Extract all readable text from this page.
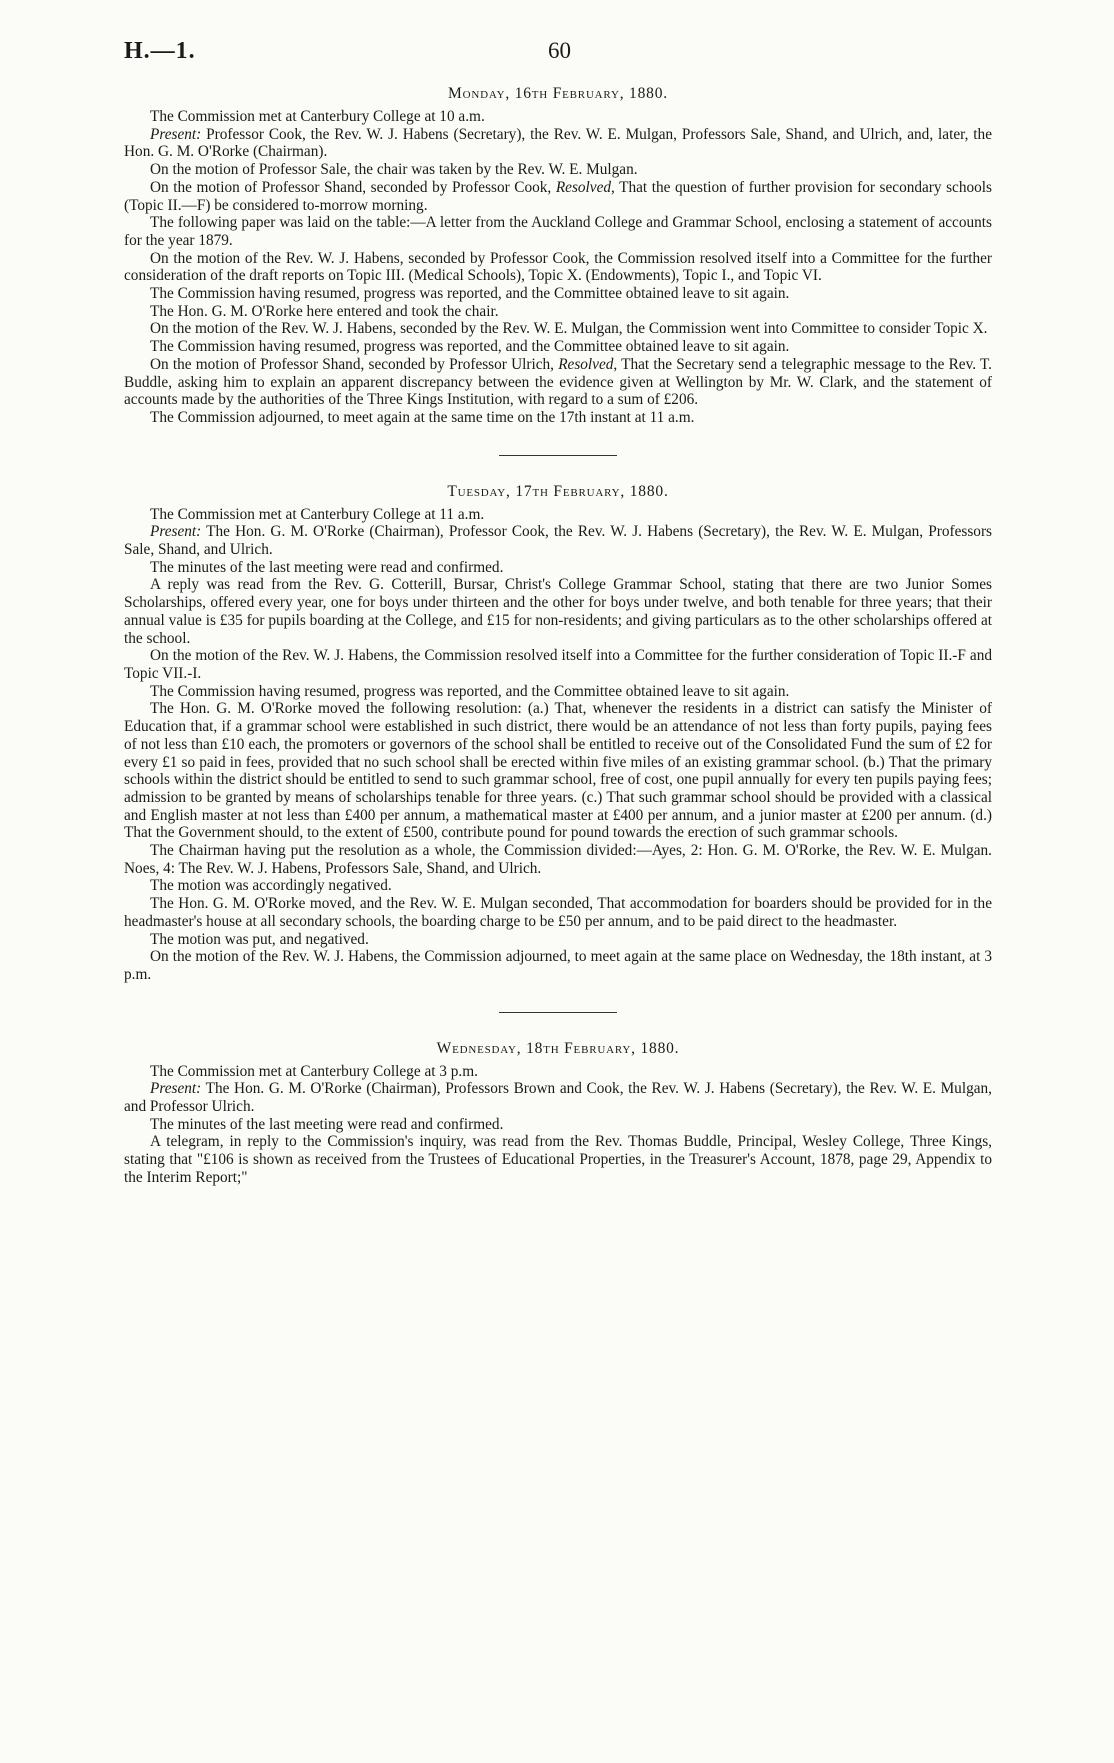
H.—1.	60
Monday, 16th February, 1880.

The Commission met at Canterbury College at 10 a.m.

Present: Professor Cook, the Rev. W. J. Habens (Secretary), the Rev. W. E. Mulgan, Professors Sale, Shand, and Ulrich, and, later, the Hon. G. M. O'Rorke (Chairman).

On the motion of Professor Sale, the chair was taken by the Rev. W. E. Mulgan.

On the motion of Professor Shand, seconded by Professor Cook, Resolved, That the question of further provision for secondary schools (Topic II.—F) be considered to-morrow morning.

The following paper was laid on the table:—A letter from the Auckland College and Grammar School, enclosing a statement of accounts for the year 1879.

On the motion of the Rev. W. J. Habens, seconded by Professor Cook, the Commission resolved itself into a Committee for the further consideration of the draft reports on Topic III. (Medical Schools), Topic X. (Endowments), Topic I., and Topic VI.

The Commission having resumed, progress was reported, and the Committee obtained leave to sit again.

The Hon. G. M. O'Rorke here entered and took the chair.

On the motion of the Rev. W. J. Habens, seconded by the Rev. W. E. Mulgan, the Commission went into Committee to consider Topic X.

The Commission having resumed, progress was reported, and the Committee obtained leave to sit again.

On the motion of Professor Shand, seconded by Professor Ulrich, Resolved, That the Secretary send a telegraphic message to the Rev. T. Buddle, asking him to explain an apparent discrepancy between the evidence given at Wellington by Mr. W. Clark, and the statement of accounts made by the authorities of the Three Kings Institution, with regard to a sum of £206.

The Commission adjourned, to meet again at the same time on the 17th instant at 11 a.m.

Tuesday, 17th February, 1880.

The Commission met at Canterbury College at 11 a.m.

Present: The Hon. G. M. O'Rorke (Chairman), Professor Cook, the Rev. W. J. Habens (Secretary), the Rev. W. E. Mulgan, Professors Sale, Shand, and Ulrich.

The minutes of the last meeting were read and confirmed.

A reply was read from the Rev. G. Cotterill, Bursar, Christ's College Grammar School, stating that there are two Junior Somes Scholarships, offered every year, one for boys under thirteen and the other for boys under twelve, and both tenable for three years; that their annual value is £35 for pupils boarding at the College, and £15 for non-residents; and giving particulars as to the other scholarships offered at the school.

On the motion of the Rev. W. J. Habens, the Commission resolved itself into a Committee for the further consideration of Topic II.-F and Topic VII.-I.

The Commission having resumed, progress was reported, and the Committee obtained leave to sit again.

The Hon. G. M. O'Rorke moved the following resolution: (a.) That, whenever the residents in a district can satisfy the Minister of Education that, if a grammar school were established in such district, there would be an attendance of not less than forty pupils, paying fees of not less than £10 each, the promoters or governors of the school shall be entitled to receive out of the Consolidated Fund the sum of £2 for every £1 so paid in fees, provided that no such school shall be erected within five miles of an existing grammar school. (b.) That the primary schools within the district should be entitled to send to such grammar school, free of cost, one pupil annually for every ten pupils paying fees; admission to be granted by means of scholarships tenable for three years. (c.) That such grammar school should be provided with a classical and English master at not less than £400 per annum, a mathematical master at £400 per annum, and a junior master at £200 per annum. (d.) That the Government should, to the extent of £500, contribute pound for pound towards the erection of such grammar schools.

The Chairman having put the resolution as a whole, the Commission divided:—Ayes, 2: Hon. G. M. O'Rorke, the Rev. W. E. Mulgan. Noes, 4: The Rev. W. J. Habens, Professors Sale, Shand, and Ulrich.

The motion was accordingly negatived.

The Hon. G. M. O'Rorke moved, and the Rev. W. E. Mulgan seconded, That accommodation for boarders should be provided for in the headmaster's house at all secondary schools, the boarding charge to be £50 per annum, and to be paid direct to the headmaster.

The motion was put, and negatived.

On the motion of the Rev. W. J. Habens, the Commission adjourned, to meet again at the same place on Wednesday, the 18th instant, at 3 p.m.

Wednesday, 18th February, 1880.

The Commission met at Canterbury College at 3 p.m.

Present: The Hon. G. M. O'Rorke (Chairman), Professors Brown and Cook, the Rev. W. J. Habens (Secretary), the Rev. W. E. Mulgan, and Professor Ulrich.

The minutes of the last meeting were read and confirmed.

A telegram, in reply to the Commission's inquiry, was read from the Rev. Thomas Buddle, Principal, Wesley College, Three Kings, stating that "£106 is shown as received from the Trustees of Educational Properties, in the Treasurer's Account, 1878, page 29, Appendix to the Interim Report;"
